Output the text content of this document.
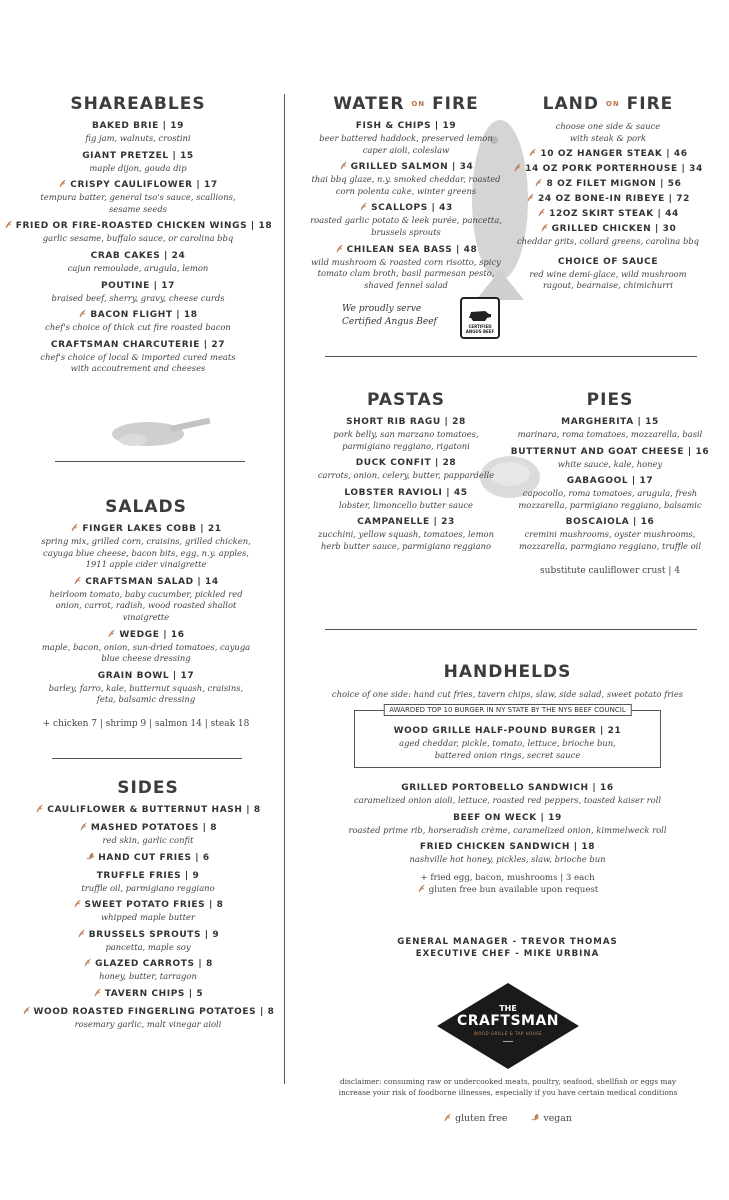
SHAREABLES
BAKED BRIE | 19
fig jam, walnuts, crostini
GIANT PRETZEL | 15
maple dijon, gouda dip
CRISPY CAULIFLOWER | 17
tempura batter, general tso's sauce, scallions, sesame seeds
FRIED OR FIRE-ROASTED CHICKEN WINGS | 18
garlic sesame, buffalo sauce, or carolina bbq
CRAB CAKES | 24
cajun remoulade, arugula, lemon
POUTINE | 17
braised beef, sherry, gravy, cheese curds
BACON FLIGHT | 18
chef's choice of thick cut fire roasted bacon
CRAFTSMAN CHARCUTERIE | 27
chef's choice of local & imported cured meats with accoutrement and cheeses
SALADS
FINGER LAKES COBB | 21
spring mix, grilled corn, craisins, grilled chicken, cayuga blue cheese, bacon bits, egg, n.y. apples, 1911 apple cider vinaigrette
CRAFTSMAN SALAD | 14
heirloom tomato, baby cucumber, pickled red onion, carrot, radish, wood roasted shallot vinaigrette
WEDGE | 16
maple, bacon, onion, sun-dried tomatoes, cayuga blue cheese dressing
GRAIN BOWL | 17
barley, farro, kale, butternut squash, craisins, feta, balsamic dressing
+ chicken 7 | shrimp 9 | salmon 14 | steak 18
SIDES
CAULIFLOWER & BUTTERNUT HASH | 8
MASHED POTATOES | 8
red skin, garlic confit
HAND CUT FRIES | 6
TRUFFLE FRIES | 9
truffle oil, parmigiano reggiano
SWEET POTATO FRIES | 8
whipped maple butter
BRUSSELS SPROUTS | 9
pancetta, maple soy
GLAZED CARROTS | 8
honey, butter, tarragon
TAVERN CHIPS | 5
WOOD ROASTED FINGERLING POTATOES | 8
rosemary garlic, malt vinegar aioli
WATER ON FIRE
FISH & CHIPS | 19
beer battered haddock, preserved lemon caper aioli, coleslaw
GRILLED SALMON | 34
thai bbq glaze, n.y. smoked cheddar, roasted corn polenta cake, winter greens
SCALLOPS | 43
roasted garlic potato & leek purée, pancetta, brussels sprouts
CHILEAN SEA BASS | 48
wild mushroom & roasted corn risotto, spicy tomato clam broth, basil parmesan pesto, shaved fennel salad
We proudly serve
Certified Angus Beef	CERTIFIED ANGUS BEEF
LAND ON FIRE
choose one side & sauce with steak & pork
10 OZ HANGER STEAK | 46
14 OZ PORK PORTERHOUSE | 34
8 OZ FILET MIGNON | 56
24 OZ BONE-IN RIBEYE | 72
12OZ SKIRT STEAK | 44
GRILLED CHICKEN | 30
cheddar grits, collard greens, carolina bbq
CHOICE OF SAUCE
red wine demi-glace, wild mushroom ragout, bearnaise, chimichurri
PASTAS
SHORT RIB RAGU | 28
pork belly, san marzano tomatoes, parmigiano reggiano, rigatoni
DUCK CONFIT | 28
carrots, onion, celery, butter, pappardelle
LOBSTER RAVIOLI | 45
lobster, limoncello butter sauce
CAMPANELLE | 23
zucchini, yellow squash, tomatoes, lemon herb butter sauce, parmigiano reggiano
PIES
MARGHERITA | 15
marinara, roma tomatoes, mozzarella, basil
BUTTERNUT AND GOAT CHEESE | 16
white sauce, kale, honey
GABAGOOL | 17
capocollo, roma tomatoes, arugula, fresh mozzarella, parmigiano reggiano, balsamic
BOSCAIOLA | 16
cremini mushrooms, oyster mushrooms, mozzarella, parmgiano reggiano, truffle oil
substitute cauliflower crust | 4
HANDHELDS
choice of one side: hand cut fries, tavern chips, slaw, side salad, sweet potato fries
AWARDED TOP 10 BURGER IN NY STATE BY THE NYS BEEF COUNCIL
WOOD GRILLE HALF-POUND BURGER | 21
aged cheddar, pickle, tomato, lettuce, brioche bun, battered onion rings, secret sauce
GRILLED PORTOBELLO SANDWICH | 16
caramelized onion aioli, lettuce, roasted red peppers, toasted kaiser roll
BEEF ON WECK | 19
roasted prime rib, horseradish crème, caramelized onion, kimmelweck roll
FRIED CHICKEN SANDWICH | 18
nashville hot honey, pickles, slaw, brioche bun
+ fried egg, bacon, mushrooms | 3 each
gluten free bun available upon request
GENERAL MANAGER - TREVOR THOMAS
EXECUTIVE CHEF - MIKE URBINA
THE
CRAFTSMAN
WOOD GRILLE & TAP HOUSE
disclaimer: consuming raw or undercooked meats, poultry, seafood, shellfish or eggs may increase your risk of foodborne illnesses, especially if you have certain medical conditions
gluten free	vegan
